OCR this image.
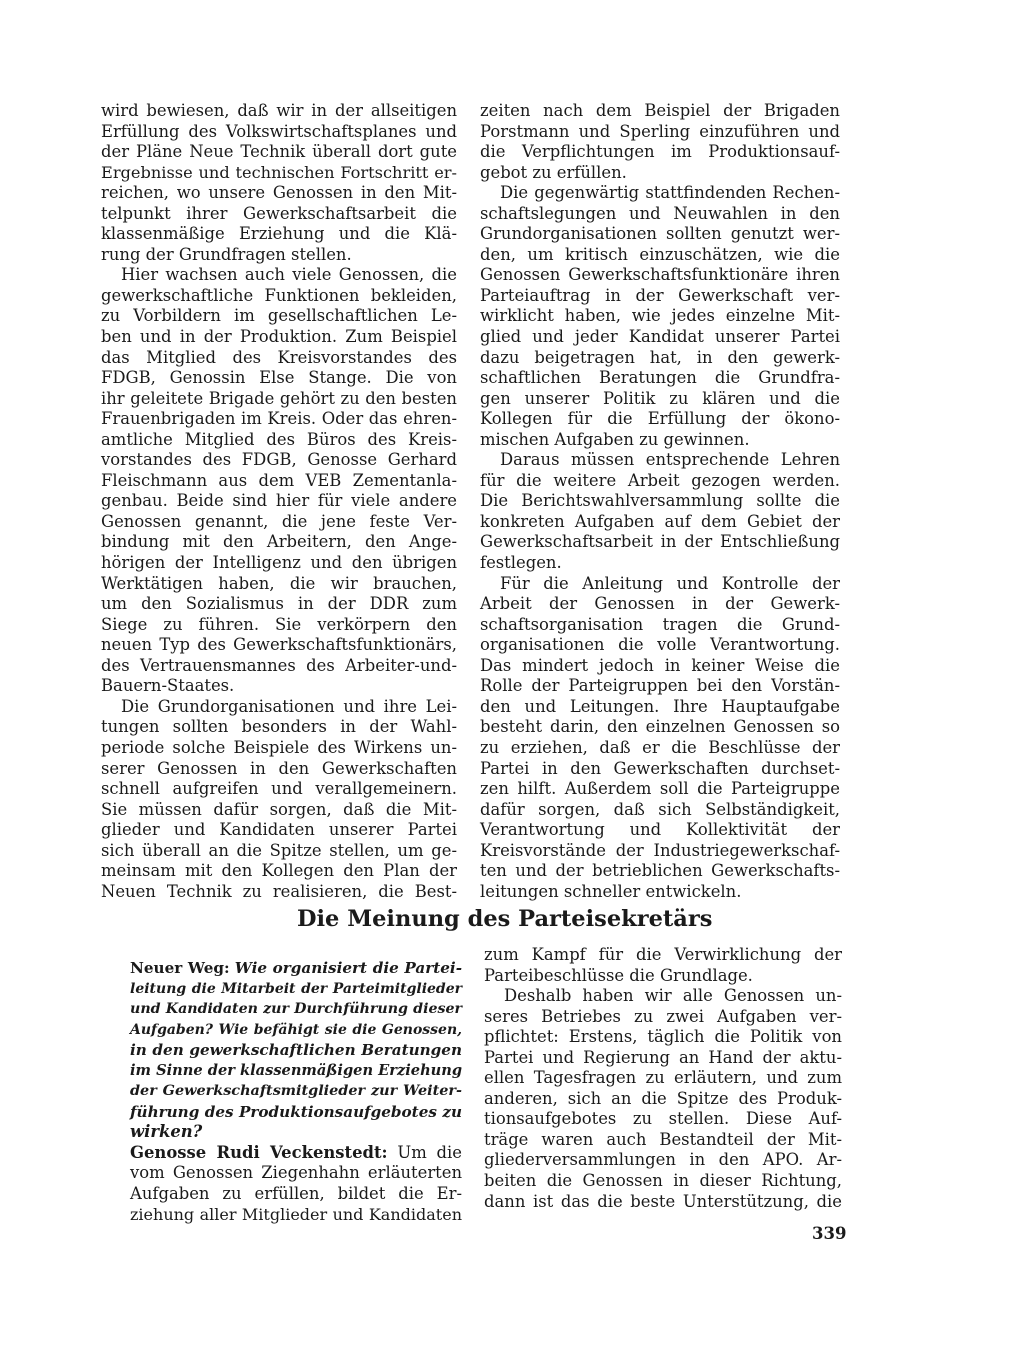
wird bewiesen, daß wir in der allseitigen
Erfüllung des Volkswirtschaftsplanes und
der Pläne Neue Technik überall dort gute
Ergebnisse und technischen Fortschritt er-
reichen, wo unsere Genossen in den Mit-
telpunkt ihrer Gewerkschaftsarbeit die
klassenmäßige Erziehung und die Klä-
rung der Grundfragen stellen.

Hier wachsen auch viele Genossen, die
gewerkschaftliche Funktionen bekleiden,
zu Vorbildern im gesellschaftlichen Le-
ben und in der Produktion. Zum Beispiel
das Mitglied des Kreisvorstandes des
FDGB, Genossin Else Stange. Die von
ihr geleitete Brigade gehört zu den besten
Frauenbrigaden im Kreis. Oder das ehren-
amtliche Mitglied des Büros des Kreis-
vorstandes des FDGB, Genosse Gerhard
Fleischmann aus dem VEB Zementanla-
genbau. Beide sind hier für viele andere
Genossen genannt, die jene feste Ver-
bindung mit den Arbeitern, den Ange-
hörigen der Intelligenz und den übrigen
Werktätigen haben, die wir brauchen,
um den Sozialismus in der DDR zum
Siege zu führen. Sie verkörpern den
neuen Typ des Gewerkschaftsfunktionärs,
des Vertrauensmannes des Arbeiter-und-
Bauern-Staates.

Die Grundorganisationen und ihre Lei-
tungen sollten besonders in der Wahl-
periode solche Beispiele des Wirkens un-
serer Genossen in den Gewerkschaften
schnell aufgreifen und verallgemeinern.
Sie müssen dafür sorgen, daß die Mit-
glieder und Kandidaten unserer Partei
sich überall an die Spitze stellen, um ge-
meinsam mit den Kollegen den Plan der
Neuen Technik zu realisieren, die Best-

zeiten nach dem Beispiel der Brigaden
Porstmann und Sperling einzuführen und
die Verpflichtungen im Produktionsauf-
gebot zu erfüllen.

Die gegenwärtig stattfindenden Rechen-
schaftslegungen und Neuwahlen in den
Grundorganisationen sollten genutzt wer-
den, um kritisch einzuschätzen, wie die
Genossen Gewerkschaftsfunktionäre ihren
Parteiauftrag in der Gewerkschaft ver-
wirklicht haben, wie jedes einzelne Mit-
glied und jeder Kandidat unserer Partei
dazu beigetragen hat, in den gewerk-
schaftlichen Beratungen die Grundfra-
gen unserer Politik zu klären und die
Kollegen für die Erfüllung der ökono-
mischen Aufgaben zu gewinnen.

Daraus müssen entsprechende Lehren
für die weitere Arbeit gezogen werden.
Die Berichtswahlversammlung sollte die
konkreten Aufgaben auf dem Gebiet der
Gewerkschaftsarbeit in der Entschließung
festlegen.

Für die Anleitung und Kontrolle der
Arbeit der Genossen in der Gewerk-
schaftsorganisation tragen die Grund-
organisationen die volle Verantwortung.
Das mindert jedoch in keiner Weise die
Rolle der Parteigruppen bei den Vorstän-
den und Leitungen. Ihre Hauptaufgabe
besteht darin, den einzelnen Genossen so
zu erziehen, daß er die Beschlüsse der
Partei in den Gewerkschaften durchset-
zen hilft. Außerdem soll die Parteigruppe
dafür sorgen, daß sich Selbständigkeit,
Verantwortung und Kollektivität der
Kreisvorstände der Industriegewerkschaf-
ten und der betrieblichen Gewerkschafts-
leitungen schneller entwickeln.

Die Meinung des Parteisekretärs

Neuer Weg: Wie organisiert die Partei-
leitung die Mitarbeit der Parteimitglieder
und Kandidaten zur Durchführung dieser
Aufgaben? Wie befähigt sie die Genossen,
in den gewerkschaftlichen Beratungen
im Sinne der klassenmäßigen Erziehung
der Gewerkschaftsmitglieder zur Weiter-
führung des Produktionsaufgebotes zu
wirken?

Genosse Rudi Veckenstedt: Um die
vom Genossen Ziegenhahn erläuterten
Aufgaben zu erfüllen, bildet die Er-
ziehung aller Mitglieder und Kandidaten

zum Kampf für die Verwirklichung der
Parteibeschlüsse die Grundlage.

Deshalb haben wir alle Genossen un-
seres Betriebes zu zwei Aufgaben ver-
pflichtet: Erstens, täglich die Politik von
Partei und Regierung an Hand der aktu-
ellen Tagesfragen zu erläutern, und zum
anderen, sich an die Spitze des Produk-
tionsaufgebotes zu stellen. Diese Auf-
träge waren auch Bestandteil der Mit-
gliederversammlungen in den APO. Ar-
beiten die Genossen in dieser Richtung,
dann ist das die beste Unterstützung, die

339
